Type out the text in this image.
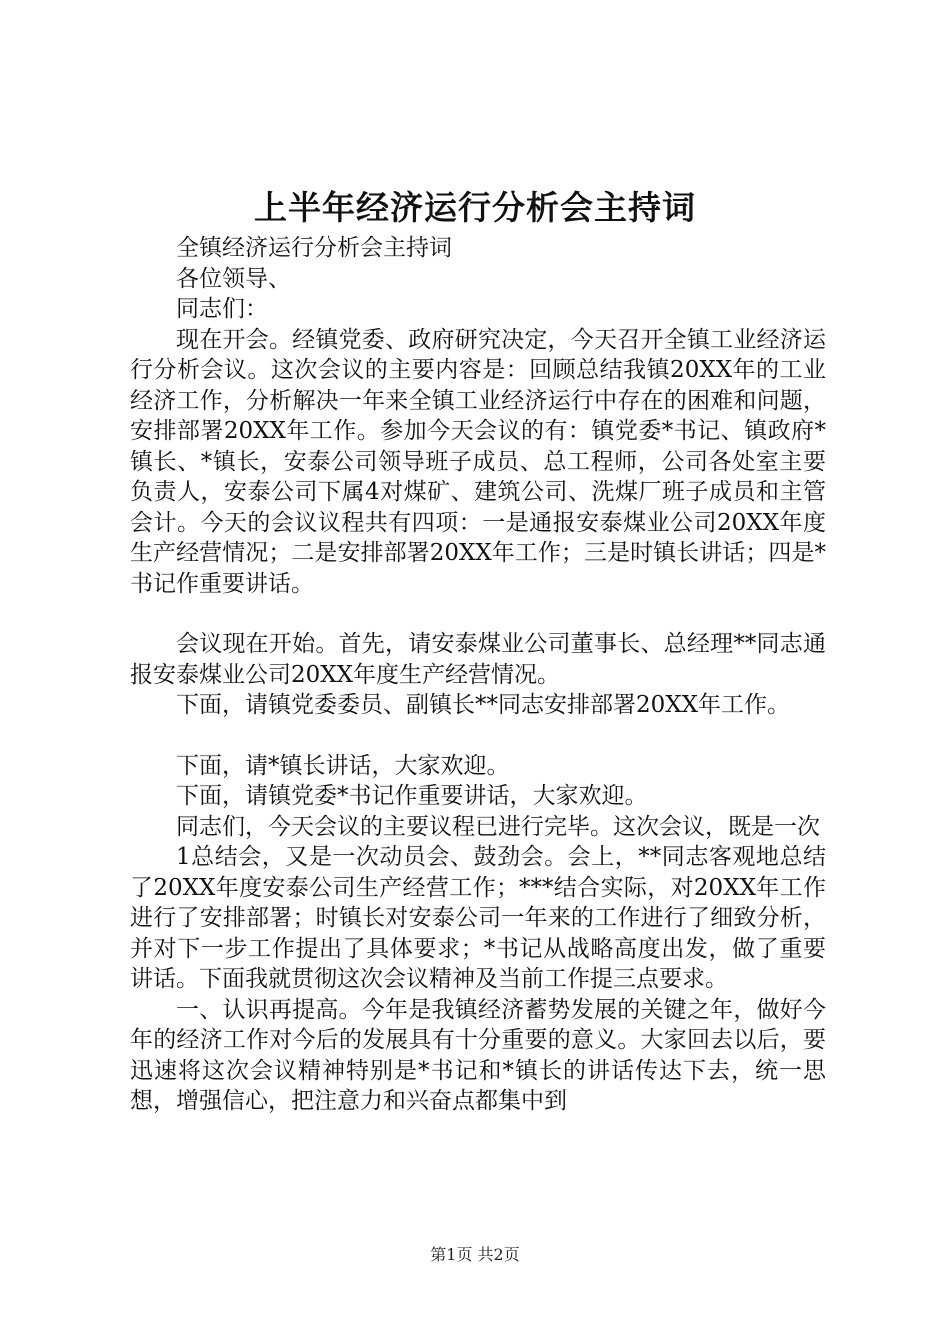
上半年经济运行分析会主持词

全镇经济运行分析会主持词

各位领导、

同志们：

现在开会。经镇党委、政府研究决定，今天召开全镇工业经济运行分析会议。这次会议的主要内容是：回顾总结我镇20XX年的工业经济工作，分析解决一年来全镇工业经济运行中存在的困难和问题，安排部署20XX年工作。参加今天会议的有：镇党委*书记、镇政府*镇长、*镇长，安泰公司领导班子成员、总工程师，公司各处室主要负责人，安泰公司下属4对煤矿、建筑公司、洗煤厂班子成员和主管会计。今天的会议议程共有四项：一是通报安泰煤业公司20XX年度生产经营情况；二是安排部署20XX年工作；三是时镇长讲话；四是*书记作重要讲话。

会议现在开始。首先，请安泰煤业公司董事长、总经理**同志通报安泰煤业公司20XX年度生产经营情况。

下面，请镇党委委员、副镇长**同志安排部署20XX年工作。

下面，请*镇长讲话，大家欢迎。

下面，请镇党委*书记作重要讲话，大家欢迎。

同志们，今天会议的主要议程已进行完毕。这次会议，既是一次

1总结会，又是一次动员会、鼓劲会。会上，**同志客观地总结了20XX年度安泰公司生产经营工作；***结合实际，对20XX年工作进行了安排部署；时镇长对安泰公司一年来的工作进行了细致分析，并对下一步工作提出了具体要求；*书记从战略高度出发，做了重要讲话。下面我就贯彻这次会议精神及当前工作提三点要求。

一、认识再提高。今年是我镇经济蓄势发展的关键之年，做好今年的经济工作对今后的发展具有十分重要的意义。大家回去以后，要迅速将这次会议精神特别是*书记和*镇长的讲话传达下去，统一思想，增强信心，把注意力和兴奋点都集中到

第1页 共2页
